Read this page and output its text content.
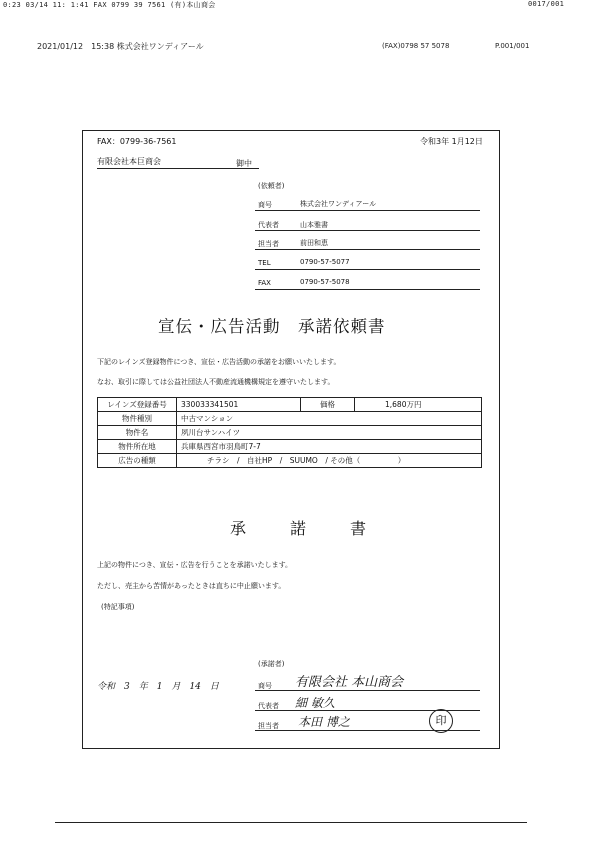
0:23 03/14 11: 1:41 FAX 0799 39 7561 (有)本山商会	0017/001
2021/01/12　15:38 株式会社ワンディアール	(FAX)0798 57 5078	P.001/001
FAX：0799-36-7561	令和3年 1月12日
有限会社本巨商会	御中
(依頼者)
商号	株式会社ワンディアール
代表者	山本雅書
担当者	前田和恵
TEL	0790-57-5077
FAX	0790-57-5078
宣伝・広告活動　承諾依頼書
下記のレインズ登録物件につき、宣伝・広告活動の承諾をお願いいたします。
なお、取引に際しては公益社団法人不動産流通機構規定を遵守いたします。
レインズ登録番号	330033341501	価格	1,680万円
物件種別	中古マンション		
物件名	夙川台サンハイツ		
物件所在地	兵庫県西宮市羽鳥町7-7		
広告の種類	チラシ　/　自社HP　/　SUUMO　/ その他（　　　　　）		
承　諾　書
上記の物件につき、宣伝・広告を行うことを承諾いたします。
ただし、売主から苦情があったときは直ちに中止願います。
(特記事項)
(承諾者)
令和　3　年　1　月　14　日	商号 有限会社 本山商会
代表者 細 敏久
担当者 本田 博之	印
